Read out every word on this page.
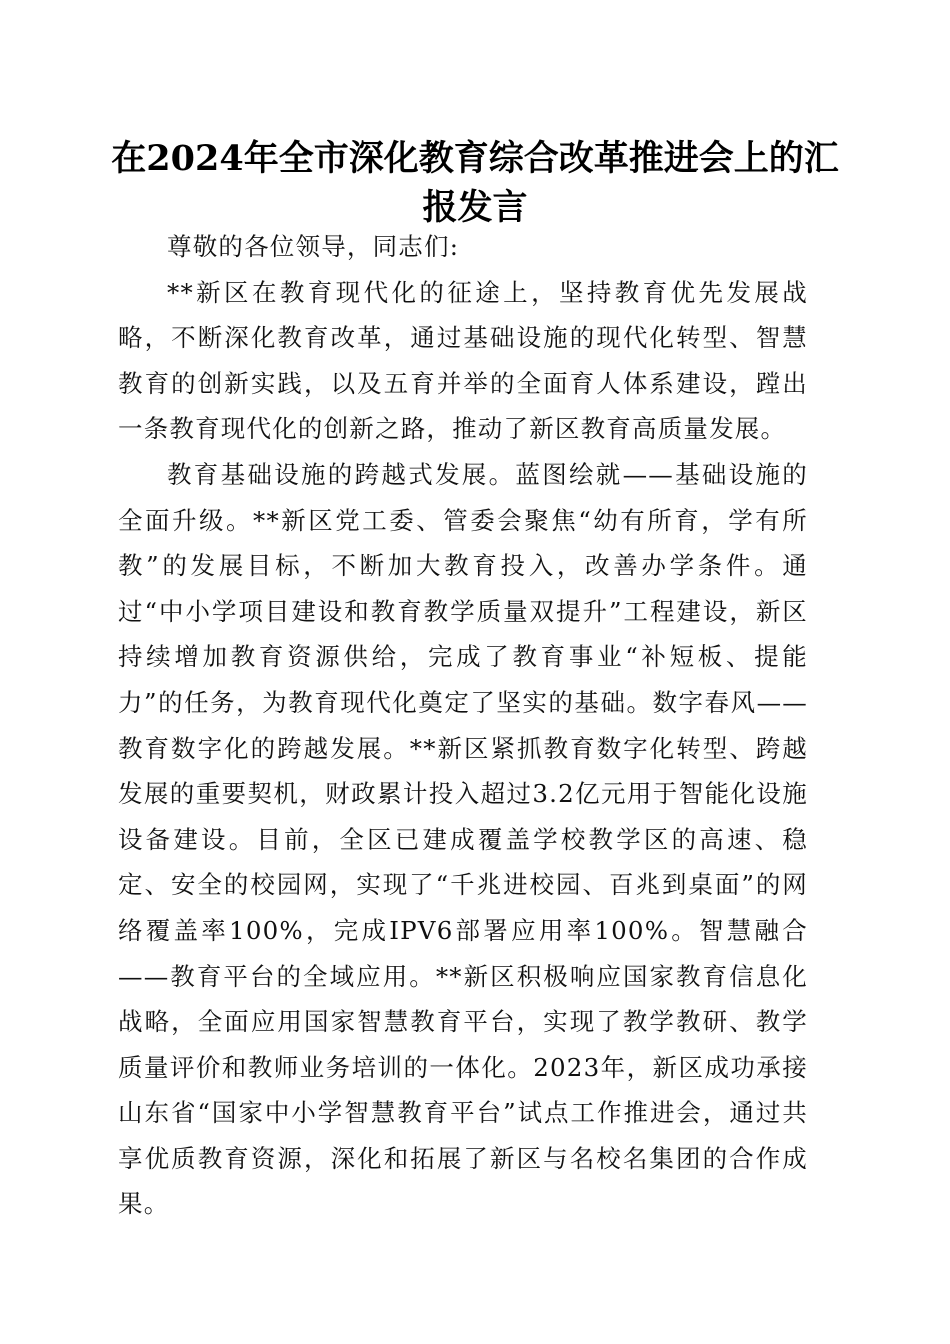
在2024年全市深化教育综合改革推进会上的汇报发言

尊敬的各位领导，同志们:

**新区在教育现代化的征途上，坚持教育优先发展战略，不断深化教育改革，通过基础设施的现代化转型、智慧教育的创新实践，以及五育并举的全面育人体系建设，蹚出一条教育现代化的创新之路，推动了新区教育高质量发展。

教育基础设施的跨越式发展。蓝图绘就——基础设施的全面升级。**新区党工委、管委会聚焦“幼有所育，学有所教”的发展目标，不断加大教育投入，改善办学条件。通过“中小学项目建设和教育教学质量双提升”工程建设，新区持续增加教育资源供给，完成了教育事业“补短板、提能力”的任务，为教育现代化奠定了坚实的基础。数字春风——教育数字化的跨越发展。**新区紧抓教育数字化转型、跨越发展的重要契机，财政累计投入超过3.2亿元用于智能化设施设备建设。目前，全区已建成覆盖学校教学区的高速、稳定、安全的校园网，实现了“千兆进校园、百兆到桌面”的网络覆盖率100%，完成IPV6部署应用率100%。智慧融合——教育平台的全域应用。**新区积极响应国家教育信息化战略，全面应用国家智慧教育平台，实现了教学教研、教学质量评价和教师业务培训的一体化。2023年，新区成功承接山东省“国家中小学智慧教育平台”试点工作推进会，通过共享优质教育资源，深化和拓展了新区与名校名集团的合作成果。
